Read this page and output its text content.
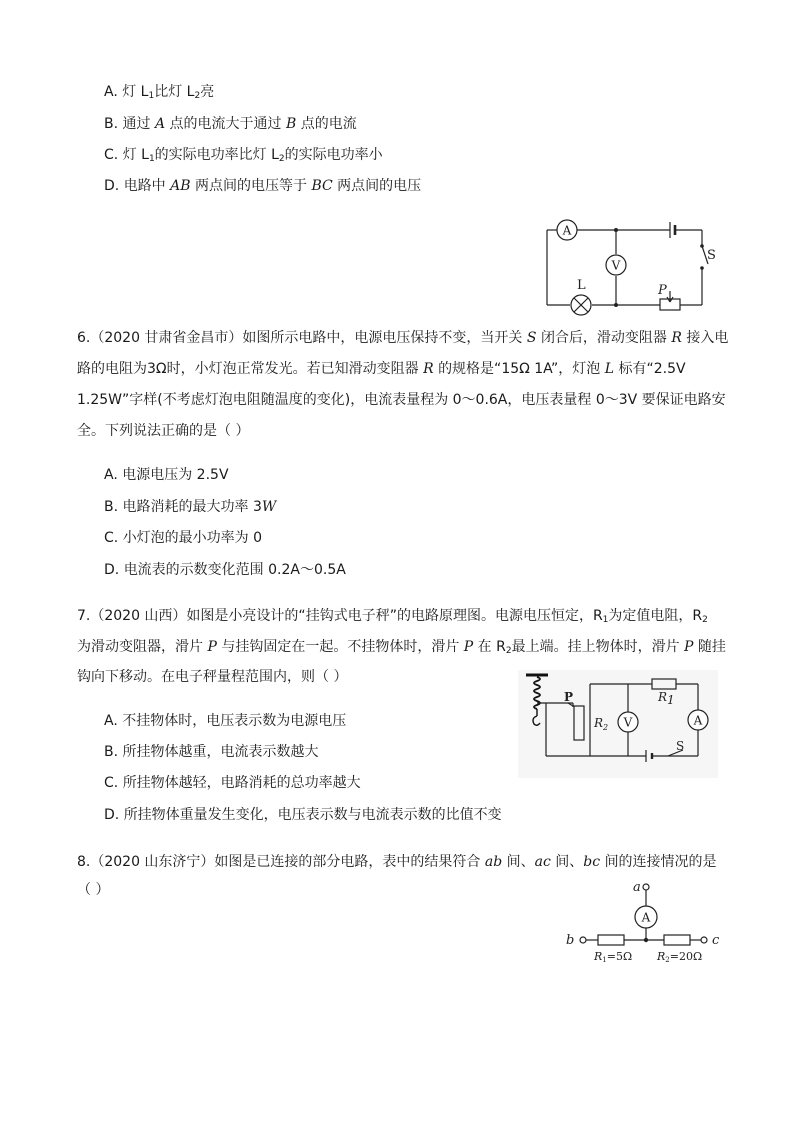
A. 灯 $L_1$比灯 $L_2$亮
B. 通过 A 点的电流大于通过 B 点的电流
C. 灯 $L_1$的实际电功率比灯 $L_2$的实际电功率小
D. 电路中 AB 两点间的电压等于 BC 两点间的电压
A
V
L	P
S
6.（2020 甘肃省金昌市）如图所示电路中，电源电压保持不变，当开关 S 闭合后，滑动变阻器 R 接入电
路的电阻为3Ω时，小灯泡正常发光。若已知滑动变阻器 R 的规格是“15Ω 1A”，灯泡 L 标有“2.5V
1.25W”字样(不考虑灯泡电阻随温度的变化)，电流表量程为 0～0.6A，电压表量程 0～3V 要保证电路安
全。下列说法正确的是（ ）
A. 电源电压为 2.5V
B. 电路消耗的最大功率 3W
C. 小灯泡的最小功率为 0
D. 电流表的示数变化范围 0.2A～0.5A
7.（2020 山西）如图是小亮设计的“挂钩式电子秤”的电路原理图。电源电压恒定，$R_1$为定值电阻，$R_2$
为滑动变阻器，滑片 P 与挂钩固定在一起。不挂物体时，滑片 P 在 $R_2$最上端。挂上物体时，滑片 P 随挂
钩向下移动。在电子秤量程范围内，则（ ）
A. 不挂物体时，电压表示数为电源电压
B. 所挂物体越重，电流表示数越大
C. 所挂物体越轻，电路消耗的总功率越大
D. 所挂物体重量发生变化，电压表示数与电流表示数的比值不变
V	A
P
$R_2$
R1
S
8.（2020 山东济宁）如图是已连接的部分电路，表中的结果符合 ab 间、ac 间、bc 间的连接情况的是
（ ）
A
a
b	c
R1=5Ω R2=20Ω
